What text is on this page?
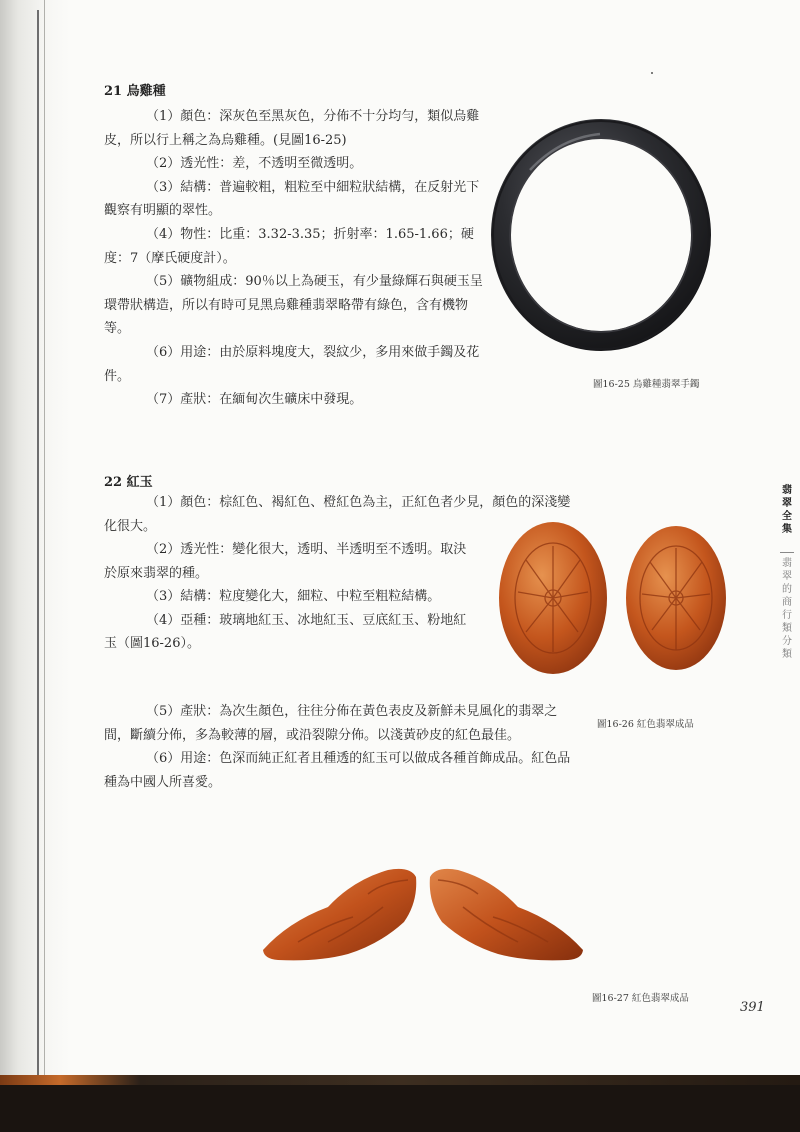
21 烏雞種

（1）顏色：深灰色至黑灰色，分佈不十分均勻，類似烏雞皮，所以行上稱之為烏雞種。(見圖16-25)

（2）透光性：差，不透明至微透明。

（3）結構：普遍較粗，粗粒至中細粒狀結構，在反射光下觀察有明顯的翠性。

（4）物性：比重：3.32-3.35；折射率：1.65-1.66；硬度：7（摩氏硬度計）。

（5）礦物組成：90％以上為硬玉，有少量綠輝石與硬玉呈環帶狀構造，所以有時可見黑烏雞種翡翠略帶有綠色，含有機物等。

（6）用途：由於原料塊度大，裂紋少，多用來做手鐲及花件。

（7）產狀：在緬甸次生礦床中發現。

圖16-25 烏雞種翡翠手鐲
22 紅玉

（1）顏色：棕紅色、褐紅色、橙紅色為主，正紅色者少見，顏色的深淺變化很大。

（2）透光性：變化很大，透明、半透明至不透明。取決於原來翡翠的種。

（3）結構：粒度變化大，細粒、中粒至粗粒結構。

（4）亞種：玻璃地紅玉、冰地紅玉、豆底紅玉、粉地紅玉（圖16-26）。

（5）產狀：為次生顏色，往往分佈在黃色表皮及新鮮未見風化的翡翠之間，斷續分佈，多為較薄的層，或沿裂隙分佈。以淺黃砂皮的紅色最佳。

（6）用途：色深而純正紅者且種透的紅玉可以做成各種首飾成品。紅色品種為中國人所喜愛。

圖16-26 紅色翡翠成品
圖16-27 紅色翡翠成品
翡翠全集
翡翠的商行類分類
391
